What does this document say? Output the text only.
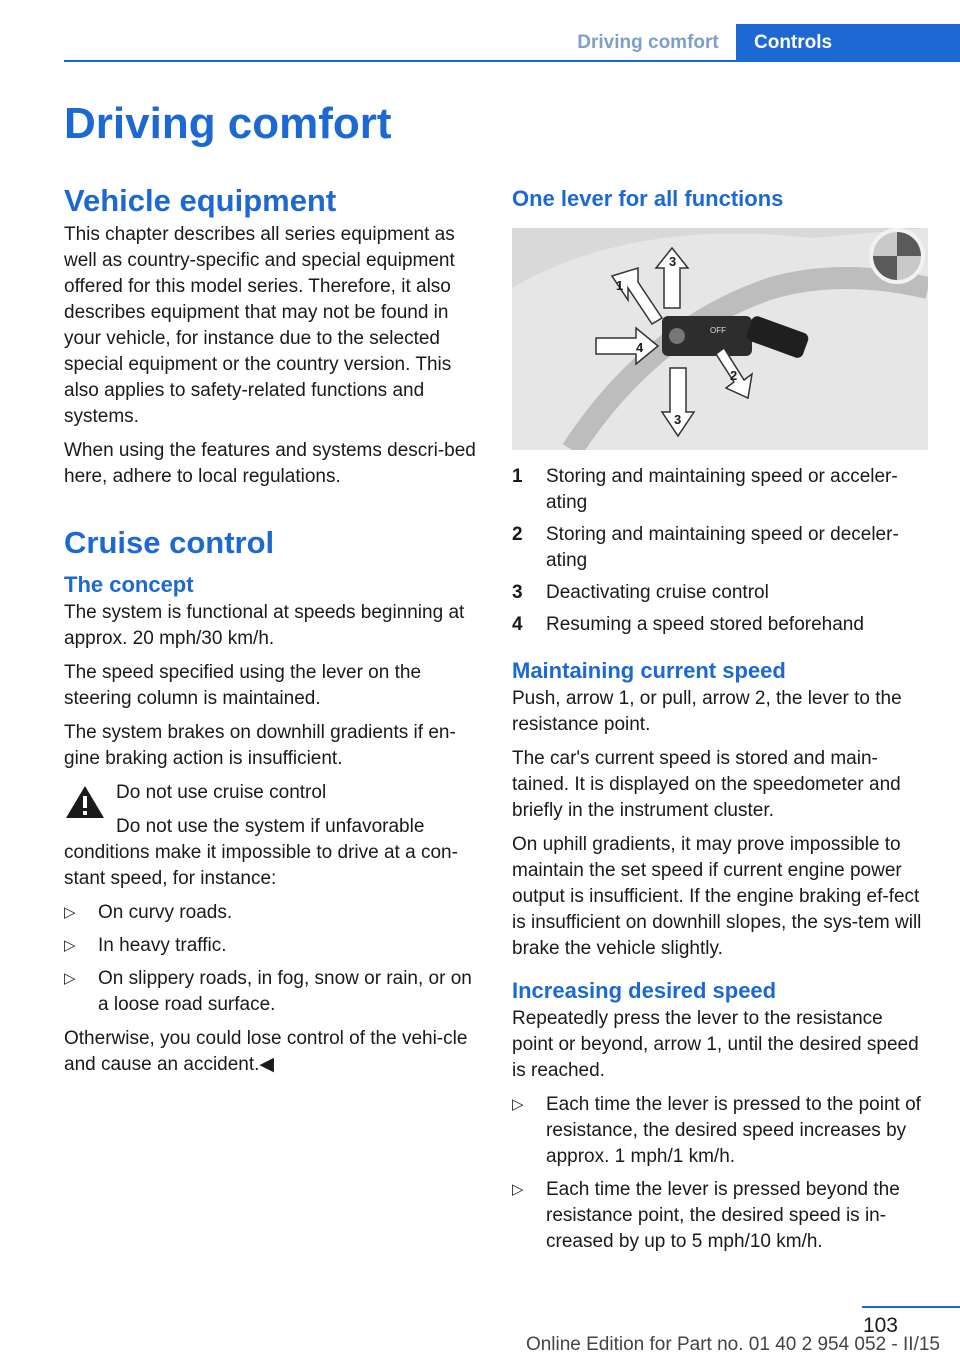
Driving comfort	Controls
Driving comfort
Vehicle equipment

This chapter describes all series equipment as well as country-specific and special equipment offered for this model series. Therefore, it also describes equipment that may not be found in your vehicle, for instance due to the selected special equipment or the country version. This also applies to safety-related functions and systems.

When using the features and systems descri‐bed here, adhere to local regulations.

Cruise control
The concept

The system is functional at speeds beginning at approx. 20 mph/30 km/h.

The speed specified using the lever on the steering column is maintained.

The system brakes on downhill gradients if en‐gine braking action is insufficient.

Do not use cruise control

Do not use the system if unfavorable conditions make it impossible to drive at a con‐stant speed, for instance:

▷ On curvy roads.
▷ In heavy traffic.
▷ On slippery roads, in fog, snow or rain, or on a loose road surface.

Otherwise, you could lose control of the vehi‐cle and cause an accident.◀

One lever for all functions
OFF
3
1
4
2
3
1 Storing and maintaining speed or acceler‐ating
2 Storing and maintaining speed or deceler‐ating
3 Deactivating cruise control
4 Resuming a speed stored beforehand
Maintaining current speed

Push, arrow 1, or pull, arrow 2, the lever to the resistance point.

The car's current speed is stored and main‐tained. It is displayed on the speedometer and briefly in the instrument cluster.

On uphill gradients, it may prove impossible to maintain the set speed if current engine power output is insufficient. If the engine braking ef‐fect is insufficient on downhill slopes, the sys‐tem will brake the vehicle slightly.

Increasing desired speed

Repeatedly press the lever to the resistance point or beyond, arrow 1, until the desired speed is reached.

▷ Each time the lever is pressed to the point of resistance, the desired speed increases by approx. 1 mph/1 km/h.
▷ Each time the lever is pressed beyond the resistance point, the desired speed is in‐creased by up to 5 mph/10 km/h.
103
Online Edition for Part no. 01 40 2 954 052 - II/15
